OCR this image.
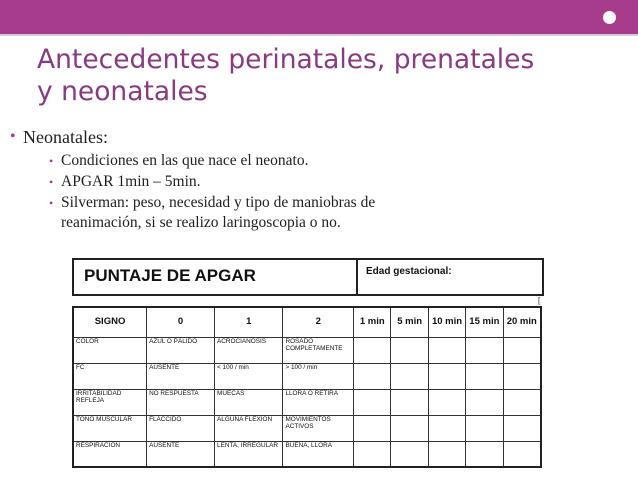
Antecedentes perinatales, prenatales
y neonatales
• Neonatales:
• Condiciones en las que nace el neonato.
• APGAR 1min – 5min.
• Silverman: peso, necesidad y tipo de maniobras de
reanimación, si se realizo laringoscopia o no.
PUNTAJE DE APGAR	Edad gestacional:
[
SIGNO	0	1	2	1 min	5 min	10 min	15 min	20 min
COLOR	AZUL O PÁLIDO	ACROCIANOSIS	ROSADO COMPLETAMENTE					
FC	AUSENTE	< 100 / min	> 100 / min					
IRRITABILIDAD REFLEJA	NO RESPUESTA	MUECAS	LLORA O RETIRA					
TONO MUSCULAR	FLÁCCIDO	ALGUNA FLEXION	MOVIMIENTOS ACTIVOS					
RESPIRACIÓN	AUSENTE	LENTA, IRREGULAR	BUENA, LLORA					
